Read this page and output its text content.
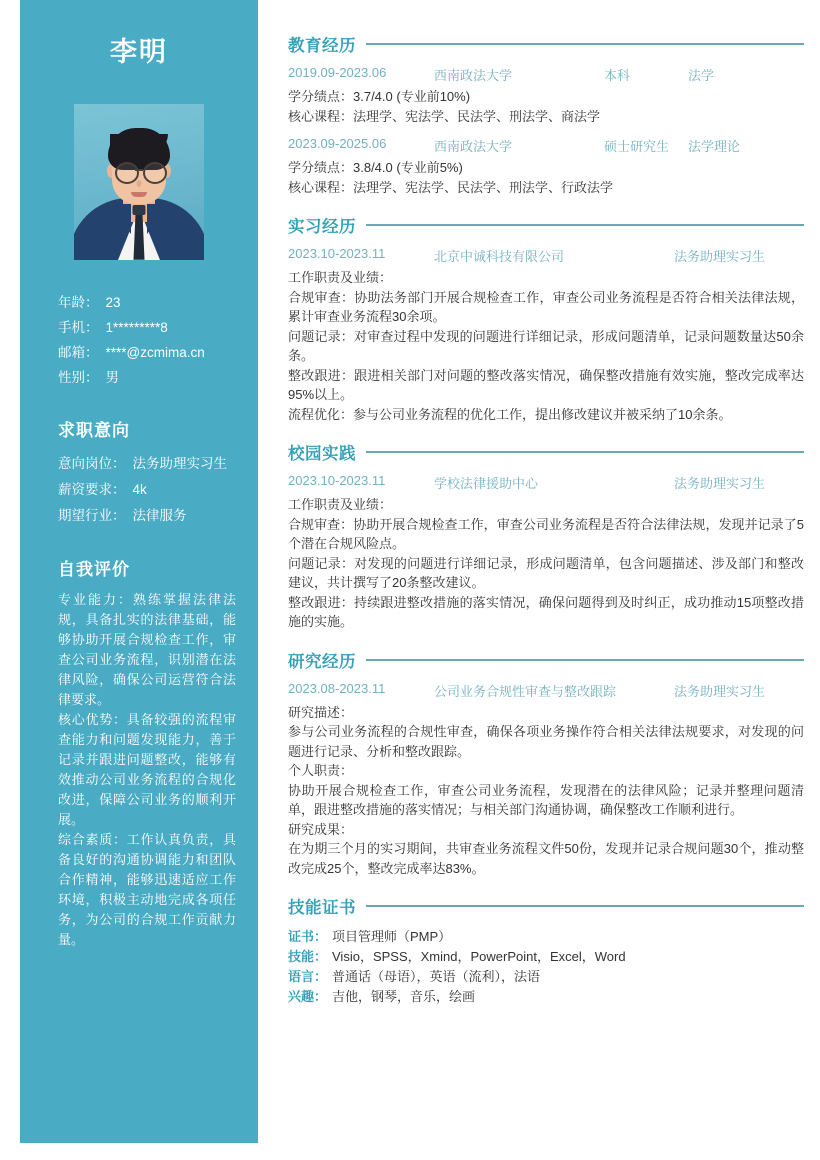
李明
年龄： 23
手机： 1*********8
邮箱： ****@zcmima.cn
性别： 男
求职意向
意向岗位： 法务助理实习生
薪资要求： 4k
期望行业： 法律服务
自我评价

专业能力：熟练掌握法律法规，具备扎实的法律基础，能够协助开展合规检查工作，审查公司业务流程，识别潜在法律风险，确保公司运营符合法律要求。

核心优势：具备较强的流程审查能力和问题发现能力，善于记录并跟进问题整改，能够有效推动公司业务流程的合规化改进，保障公司业务的顺利开展。

综合素质：工作认真负责，具备良好的沟通协调能力和团队合作精神，能够迅速适应工作环境，积极主动地完成各项任务，为公司的合规工作贡献力量。

教育经历
2019.09-2023.06	西南政法大学	本科	法学

学分绩点：3.7/4.0 (专业前10%)

核心课程：法理学、宪法学、民法学、刑法学、商法学

2023.09-2025.06	西南政法大学	硕士研究生	法学理论

学分绩点：3.8/4.0 (专业前5%)

核心课程：法理学、宪法学、民法学、刑法学、行政法学

实习经历
2023.10-2023.11	北京中诚科技有限公司	法务助理实习生

工作职责及业绩：

合规审查：协助法务部门开展合规检查工作，审查公司业务流程是否符合相关法律法规，累计审查业务流程30余项。

问题记录：对审查过程中发现的问题进行详细记录，形成问题清单，记录问题数量达50余条。

整改跟进：跟进相关部门对问题的整改落实情况，确保整改措施有效实施，整改完成率达95%以上。

流程优化：参与公司业务流程的优化工作，提出修改建议并被采纳了10余条。

校园实践
2023.10-2023.11	学校法律援助中心	法务助理实习生

工作职责及业绩：

合规审查：协助开展合规检查工作，审查公司业务流程是否符合法律法规，发现并记录了5个潜在合规风险点。

问题记录：对发现的问题进行详细记录，形成问题清单，包含问题描述、涉及部门和整改建议，共计撰写了20条整改建议。

整改跟进：持续跟进整改措施的落实情况，确保问题得到及时纠正，成功推动15项整改措施的实施。

研究经历
2023.08-2023.11	公司业务合规性审查与整改跟踪	法务助理实习生

研究描述：

参与公司业务流程的合规性审查，确保各项业务操作符合相关法律法规要求，对发现的问题进行记录、分析和整改跟踪。

个人职责：

协助开展合规检查工作，审查公司业务流程，发现潜在的法律风险；记录并整理问题清单，跟进整改措施的落实情况；与相关部门沟通协调，确保整改工作顺利进行。

研究成果：

在为期三个月的实习期间，共审查业务流程文件50份，发现并记录合规问题30个，推动整改完成25个，整改完成率达83%。

技能证书
证书： 项目管理师（PMP）
技能： Visio，SPSS，Xmind，PowerPoint，Excel，Word
语言： 普通话（母语），英语（流利），法语
兴趣： 吉他，钢琴，音乐，绘画
